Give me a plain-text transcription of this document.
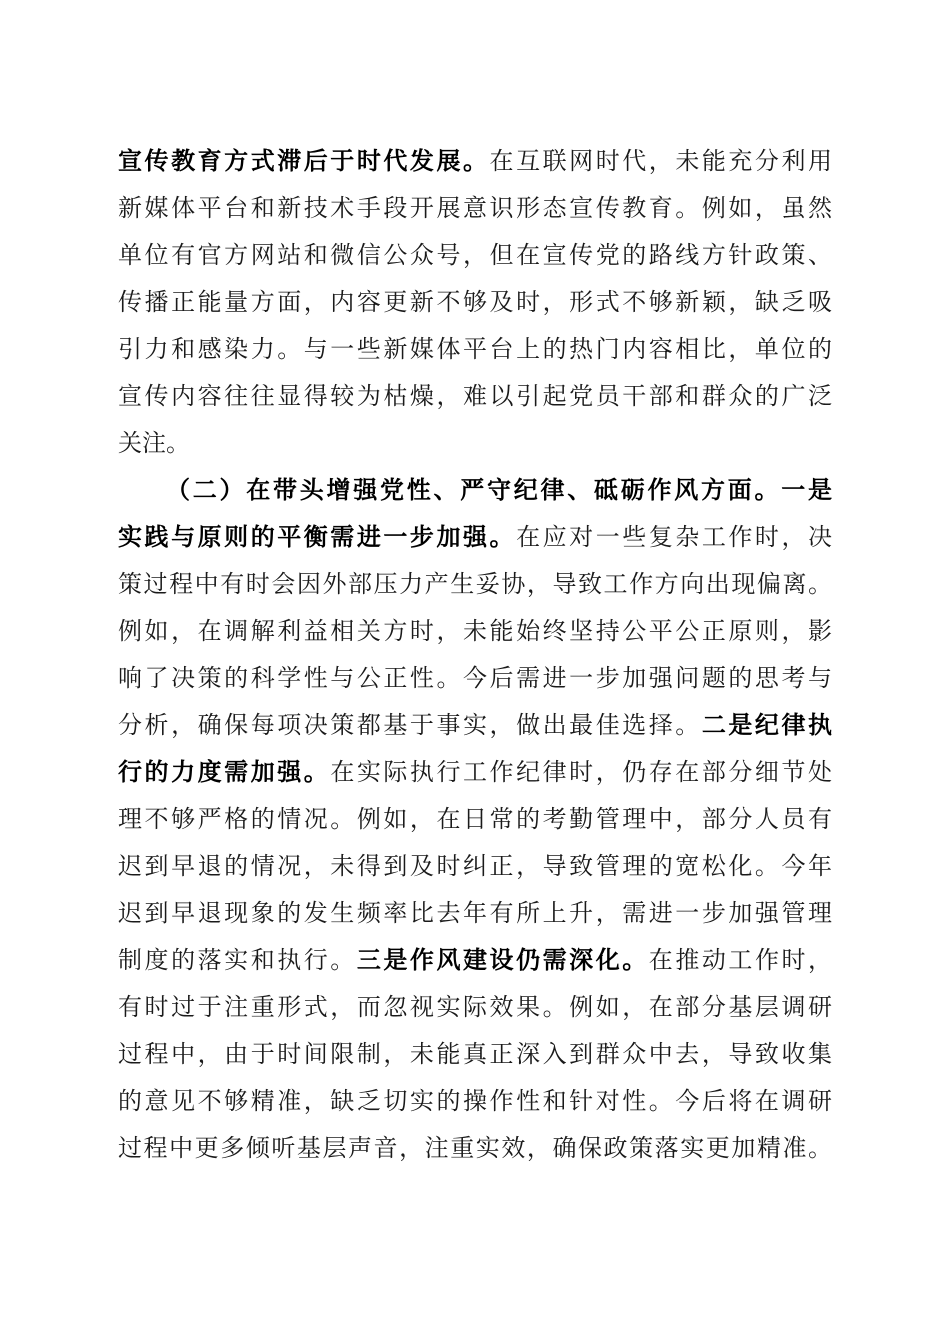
宣传教育方式滞后于时代发展。在互联网时代，未能充分利用
新媒体平台和新技术手段开展意识形态宣传教育。例如，虽然
单位有官方网站和微信公众号，但在宣传党的路线方针政策、
传播正能量方面，内容更新不够及时，形式不够新颖，缺乏吸
引力和感染力。与一些新媒体平台上的热门内容相比，单位的
宣传内容往往显得较为枯燥，难以引起党员干部和群众的广泛
关注。
（二）在带头增强党性、严守纪律、砥砺作风方面。一是
实践与原则的平衡需进一步加强。在应对一些复杂工作时，决
策过程中有时会因外部压力产生妥协，导致工作方向出现偏离。
例如，在调解利益相关方时，未能始终坚持公平公正原则，影
响了决策的科学性与公正性。今后需进一步加强问题的思考与
分析，确保每项决策都基于事实，做出最佳选择。二是纪律执
行的力度需加强。在实际执行工作纪律时，仍存在部分细节处
理不够严格的情况。例如，在日常的考勤管理中，部分人员有
迟到早退的情况，未得到及时纠正，导致管理的宽松化。今年
迟到早退现象的发生频率比去年有所上升，需进一步加强管理
制度的落实和执行。三是作风建设仍需深化。在推动工作时，
有时过于注重形式，而忽视实际效果。例如，在部分基层调研
过程中，由于时间限制，未能真正深入到群众中去，导致收集
的意见不够精准，缺乏切实的操作性和针对性。今后将在调研
过程中更多倾听基层声音，注重实效，确保政策落实更加精准。
